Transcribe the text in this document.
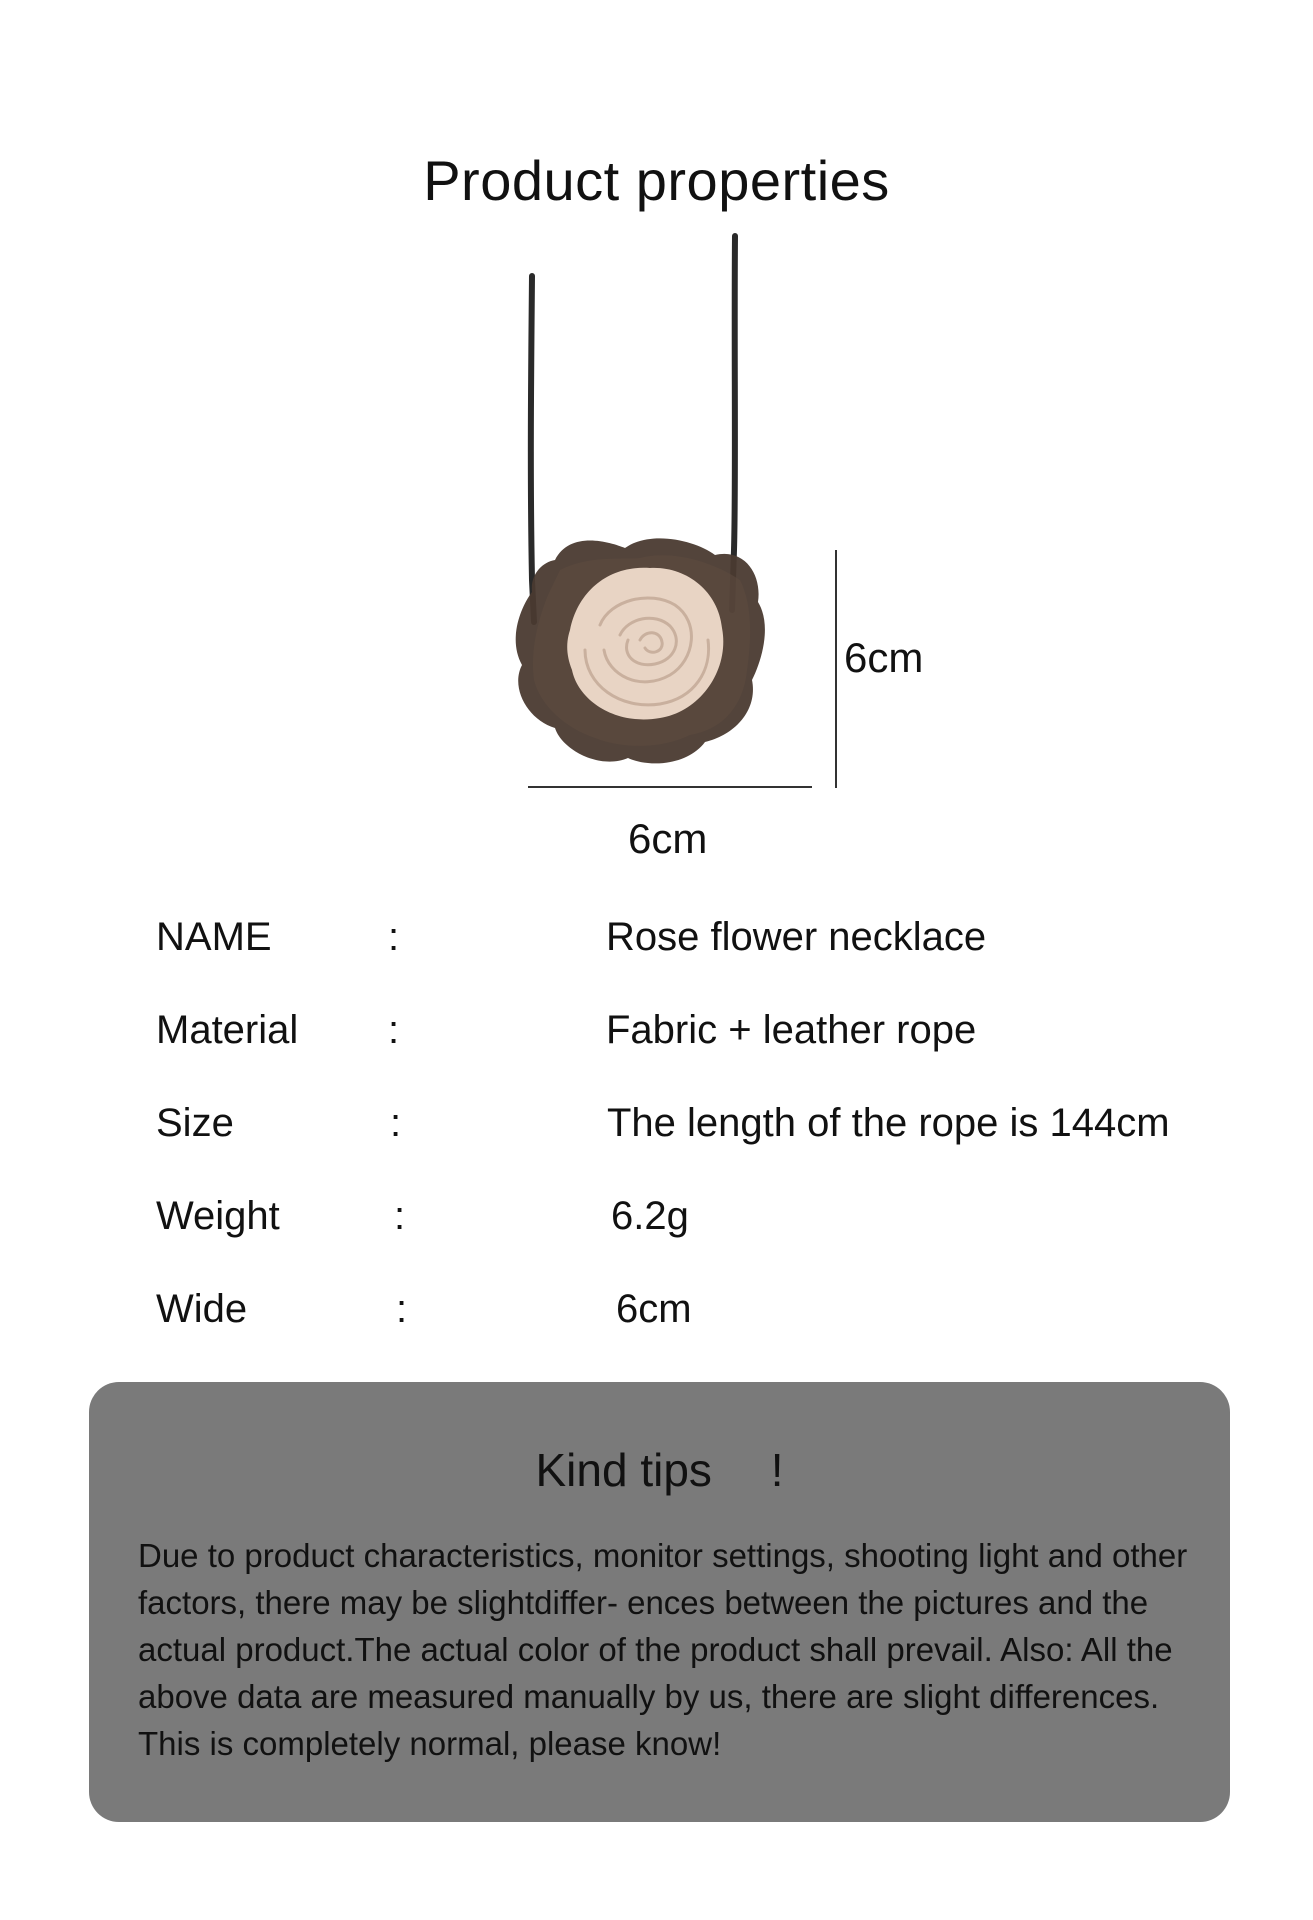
Product properties
6cm
6cm
NAME	:	Rose flower necklace
Material :	Fabric + leather rope
Size	:	The length of the rope is 144cm
Weight	:	6.2g
Wide	:	6cm
Kind tips 　!
Due to product characteristics, monitor settings, shooting light and other factors, there may be slightdiffer- ences between the pictures and the actual product.The actual color of the product shall prevail. Also: All the above data are measured manually by us, there are slight differences. This is completely normal, please know!
